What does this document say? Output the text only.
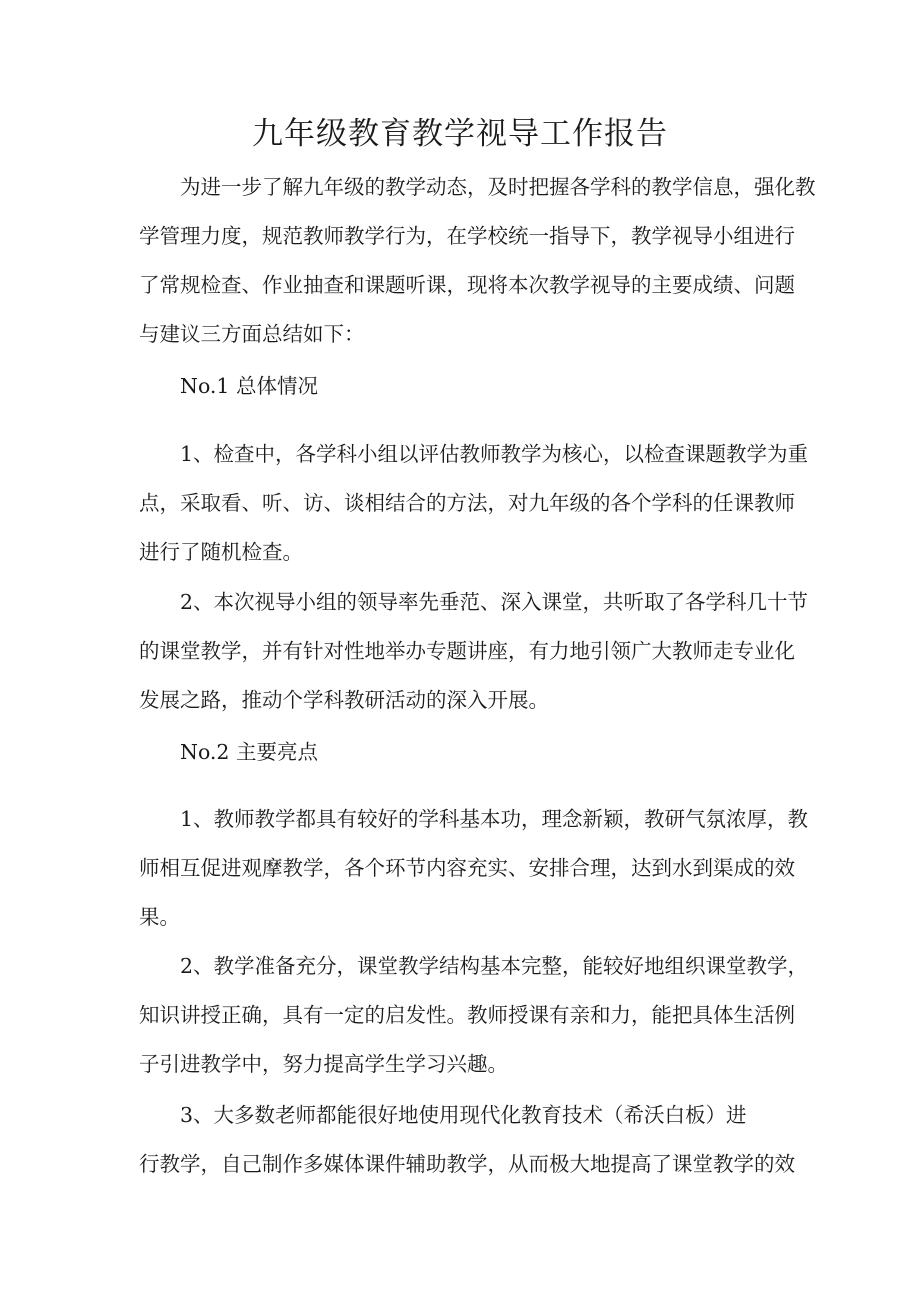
九年级教育教学视导工作报告
为进一步了解九年级的教学动态，及时把握各学科的教学信息，强化教
学管理力度，规范教师教学行为，在学校统一指导下，教学视导小组进行
了常规检查、作业抽查和课题听课，现将本次教学视导的主要成绩、问题
与建议三方面总结如下：
No.1 总体情况
1、检查中，各学科小组以评估教师教学为核心，以检查课题教学为重
点，采取看、听、访、谈相结合的方法，对九年级的各个学科的任课教师
进行了随机检查。
2、本次视导小组的领导率先垂范、深入课堂，共听取了各学科几十节
的课堂教学，并有针对性地举办专题讲座，有力地引领广大教师走专业化
发展之路，推动个学科教研活动的深入开展。
No.2 主要亮点
1、教师教学都具有较好的学科基本功，理念新颖，教研气氛浓厚，教
师相互促进观摩教学，各个环节内容充实、安排合理，达到水到渠成的效
果。
2、教学准备充分，课堂教学结构基本完整，能较好地组织课堂教学，
知识讲授正确，具有一定的启发性。教师授课有亲和力，能把具体生活例
子引进教学中，努力提高学生学习兴趣。
3、大多数老师都能很好地使用现代化教育技术（希沃白板）进
行教学，自己制作多媒体课件辅助教学，从而极大地提高了课堂教学的效
